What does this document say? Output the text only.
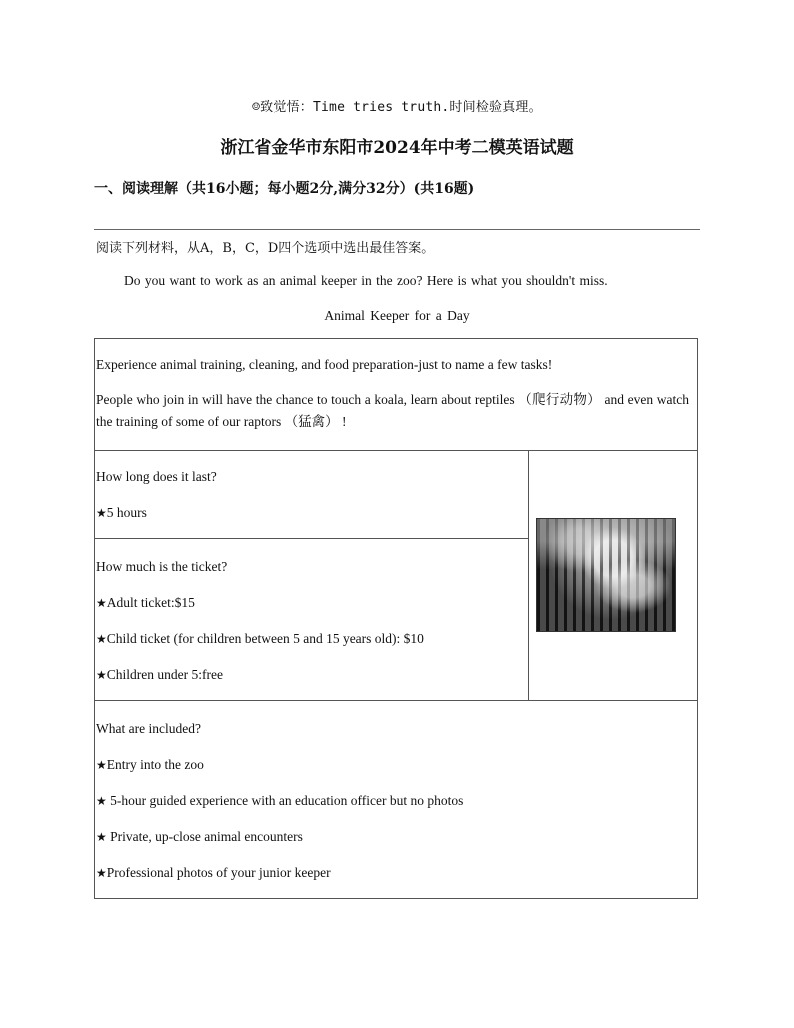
☺致觉悟：Time tries truth.时间检验真理。
浙江省金华市东阳市2024年中考二模英语试题
一、阅读理解（共16小题；每小题2分,满分32分）(共16题)
阅读下列材料，从A，B，C，D四个选项中选出最佳答案。
Do you want to work as an animal keeper in the zoo? Here is what you shouldn't miss.
Animal Keeper for a Day
Experience animal training, cleaning, and food preparation-just to name a few tasks!
People who join in will have the chance to touch a koala, learn about reptiles （爬行动物） and even watch the training of some of our raptors （猛禽） !

How long does it last?
★5 hours

How much is the ticket?
★Adult ticket:$15
★Child ticket (for children between 5 and 15 years old): $10
★Children under 5:free

What are included?
★Entry into the zoo
★ 5-hour guided experience with an education officer but no photos
★ Private, up-close animal encounters
★Professional photos of your junior keeper
